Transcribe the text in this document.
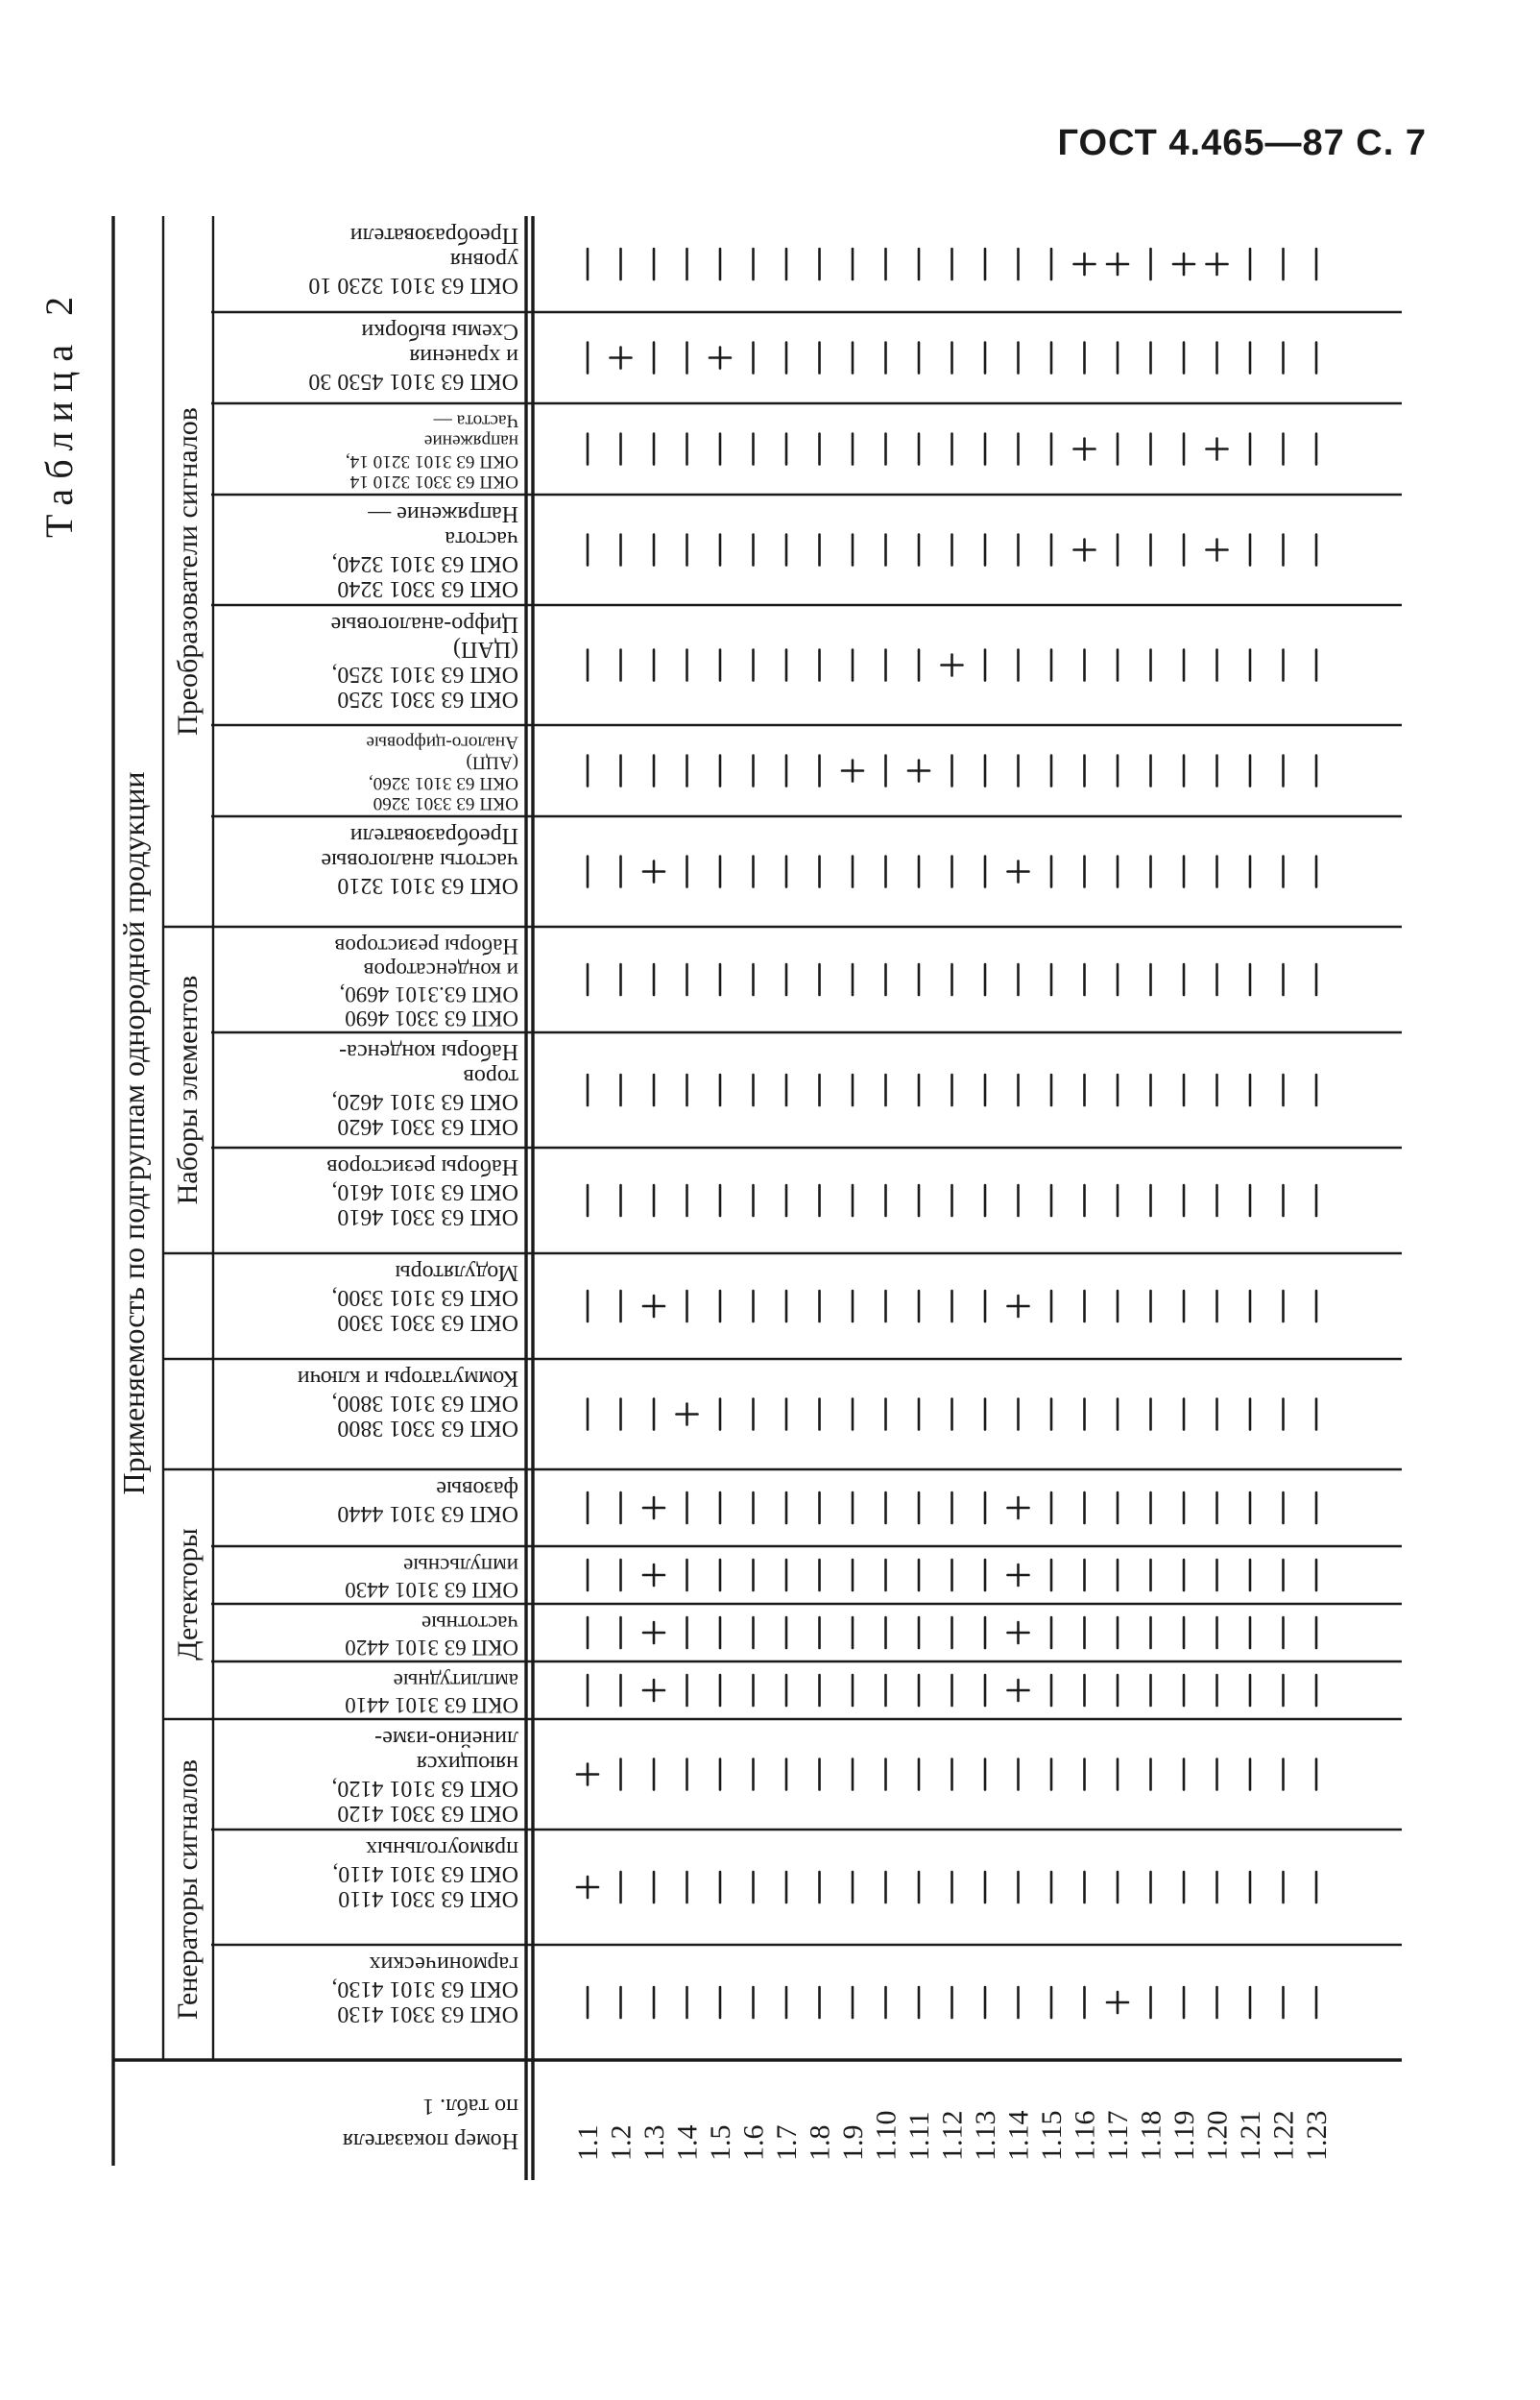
ГОСТ 4.465—87 С. 7
Таблица 2
Генераторы сигналов
Детекторы
Наборы элементов
Преобразователи сигналов
Применяемость по подгруппам однородной продукции
гармонических
ОКП 63 3101 4130,
ОКП 63 3301 4130
прямоугольных
ОКП 63 3101 4110,
ОКП 63 3301 4110
линейно-изме-
няющихся
ОКП 63 3101 4120,
ОКП 63 3301 4120
амплитудные
ОКП 63 3101 4410
частотные
ОКП 63 3101 4420
импульсные
ОКП 63 3101 4430
фазовые
ОКП 63 3101 4440
Коммутаторы и ключи
ОКП 63 3101 3800,
ОКП 63 3301 3800
Модуляторы
ОКП 63 3101 3300,
ОКП 63 3301 3300
Наборы резисторов
ОКП 63 3101 4610,
ОКП 63 3301 4610
Наборы конденса-
торов
ОКП 63 3101 4620,
ОКП 63 3301 4620
Наборы резисторов
и конденсаторов
ОКП 63.3101 4690,
ОКП 63 3301 4690
Преобразователи
частоты аналоговые
ОКП 63 3101 3210
Аналого-цифровые
(АЦП)
ОКП 63 3101 3260,
ОКП 63 3301 3260
Цифро-аналоговые
(ЦАП)
ОКП 63 3101 3250,
ОКП 63 3301 3250
Напряжение —
частота
ОКП 63 3101 3240,
ОКП 63 3301 3240
Частота —
напряжение
ОКП 63 3101 3210 14,
ОКП 63 3301 3210 14
Схемы выборки
и хранения
ОКП 63 3101 4530 30
Преобразователи
уровня
ОКП 63 3101 3230 10
Номер показателя
по табл. 1
1.1 1.2 1.3 1.4 1.5 1.6 1.7 1.8 1.9 1.10 1.11 1.12 1.13 1.14 1.15 1.16 1.17 1.18 1.19 1.20 1.21 1.22 1.23
